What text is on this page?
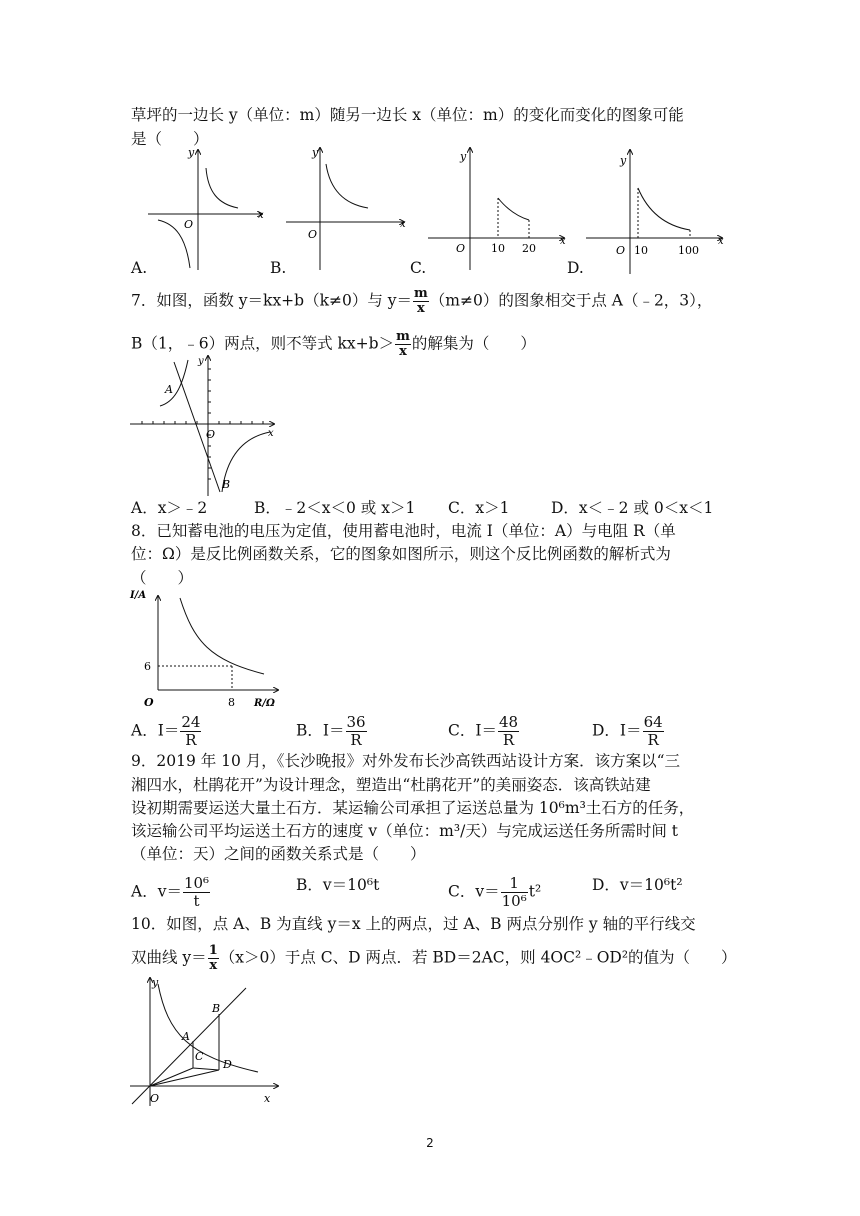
草坪的一边长 y（单位：m）随另一边长 x（单位：m）的变化而变化的图象可能
是（　　）
y
x
O
A.
y
x
O
B.
y
x
O 10 20
C.
y
x
O 10	100
D.
7．如图，函数 y＝kx+b（k≠0）与 $y= \frac{m}{x} (m\ne 0)$的图象相交于点 A（﹣2，3），
B（1，﹣6）两点，则不等式 $kx+b> \frac{m}{x}$ 的解集为（　　）
y
x
O
A
B
A．x＞﹣2	B．﹣2＜x＜0 或 x＞1 C．x＞1	D．x＜﹣2 或 0＜x＜1
8．已知蓄电池的电压为定值，使用蓄电池时，电流 I（单位：A）与电阻 R（单
位：Ω）是反比例函数关系，它的图象如图所示，则这个反比例函数的解析式为
（　　）
I/A
R/Ω
O
6
8
A．$I= \frac{24}{R}$	B．$I= \frac{36}{R}$	C．$I= \frac{48}{R}$	D．$I= \frac{64}{R}$
9．2019 年 10 月，《长沙晚报》对外发布长沙高铁西站设计方案．该方案以“三
湘四水，杜鹃花开”为设计理念，塑造出“杜鹃花开”的美丽姿态．该高铁站建
设初期需要运送大量土石方．某运输公司承担了运送总量为 10⁶m³土石方的任务，
该运输公司平均运送土石方的速度 v（单位：m³/天）与完成运送任务所需时间 t
（单位：天）之间的函数关系式是（　　）
A．$v= \frac{\text{10⁶}}{t}$	B．v＝10⁶t	C．$v= \frac{1}{\text{10⁶}} t^2$	D．v＝10⁶t²
10．如图，点 A、B 为直线 y＝x 上的两点，过 A、B 两点分别作 y 轴的平行线交
双曲线 $y= \frac{1}{x} (x>0)$于点 C、D 两点．若 BD＝2AC，则 4OC²﹣OD²的值为（　　）
y
x
O
A
B
C
D
2
